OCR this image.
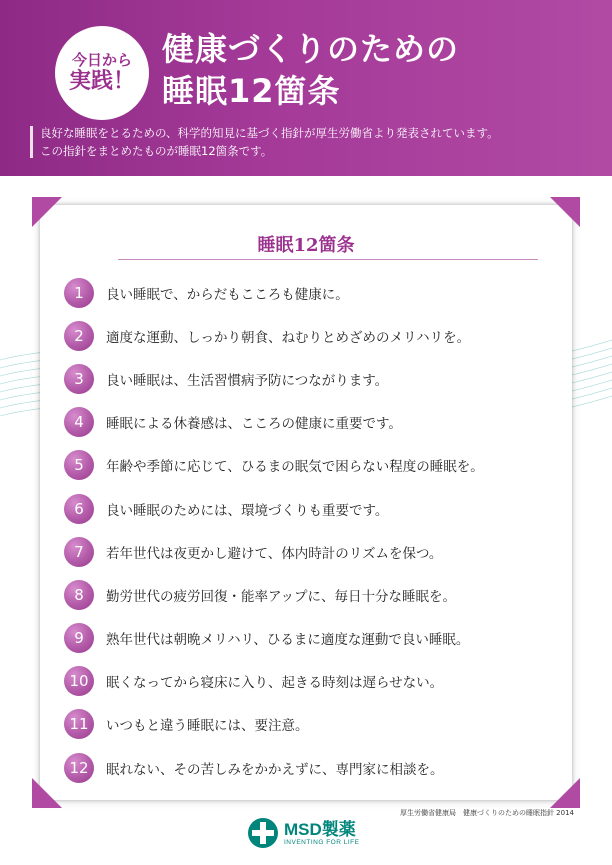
今日から
実践！
健康づくりのための
睡眠12箇条
良好な睡眠をとるための、科学的知見に基づく指針が厚生労働省より発表されています。
この指針をまとめたものが睡眠12箇条です。
睡眠12箇条
1	良い睡眠で、からだもこころも健康に。
2	適度な運動、しっかり朝食、ねむりとめざめのメリハリを。
3	良い睡眠は、生活習慣病予防につながります。
4	睡眠による休養感は、こころの健康に重要です。
5	年齢や季節に応じて、ひるまの眠気で困らない程度の睡眠を。
6	良い睡眠のためには、環境づくりも重要です。
7	若年世代は夜更かし避けて、体内時計のリズムを保つ。
8	勤労世代の疲労回復・能率アップに、毎日十分な睡眠を。
9	熟年世代は朝晩メリハリ、ひるまに適度な運動で良い睡眠。
10	眠くなってから寝床に入り、起きる時刻は遅らせない。
11	いつもと違う睡眠には、要注意。
12	眠れない、その苦しみをかかえずに、専門家に相談を。
厚生労働省健康局　健康づくりのための睡眠指針 2014
MSD製薬
INVENTING FOR LIFE
